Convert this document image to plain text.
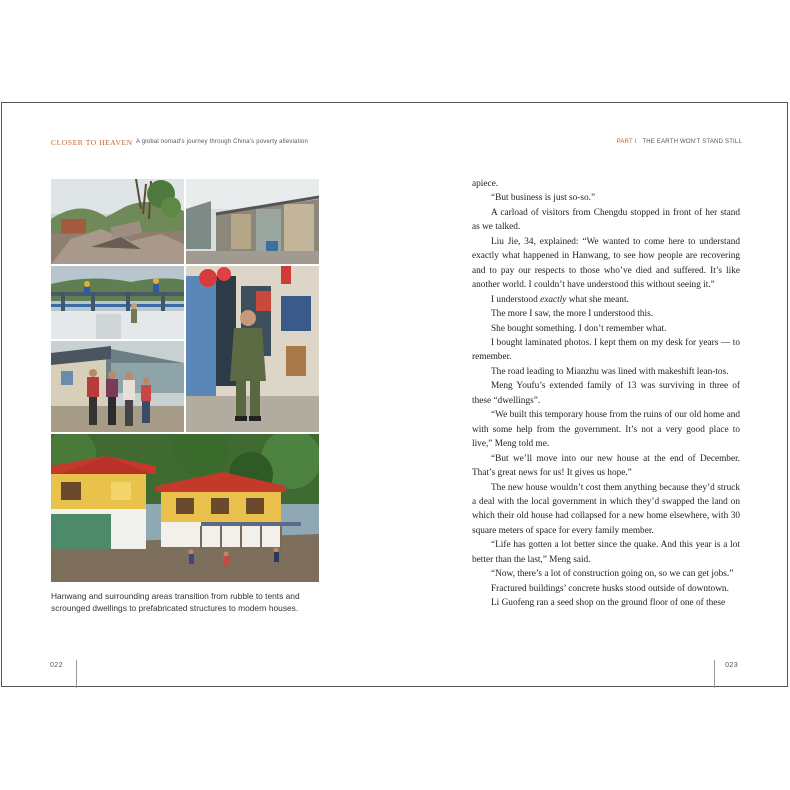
CLOSER TO HEAVEN A global nomad's journey through China's poverty alleviation
Hanwang and surrounding areas transition from rubble to tents and scrounged dwellings to prefabricated structures to modern houses.
022
PART I THE EARTH WON'T STAND STILL

apiece.

“But business is just so-so.”

A carload of visitors from Chengdu stopped in front of her stand as we talked.

Liu Jie, 34, explained: “We wanted to come here to understand exactly what happened in Hanwang, to see how people are recovering and to pay our respects to those who’ve died and suffered. It’s like another world. I couldn’t have understood this without seeing it.”

I understood exactly what she meant.

The more I saw, the more I understood this.

She bought something. I don’t remember what.

I bought laminated photos. I kept them on my desk for years — to remember.

The road leading to Mianzhu was lined with makeshift lean-tos.

Meng Youfu’s extended family of 13 was surviving in three of these “dwellings”.

“We built this temporary house from the ruins of our old home and with some help from the government. It’s not a very good place to live,” Meng told me.

“But we’ll move into our new house at the end of December. That’s great news for us! It gives us hope.”

The new house wouldn’t cost them anything because they’d struck a deal with the local government in which they’d swapped the land on which their old house had collapsed for a new home elsewhere, with 30 square meters of space for every family member.

“Life has gotten a lot better since the quake. And this year is a lot better than the last,” Meng said.

“Now, there’s a lot of construction going on, so we can get jobs.”

Fractured buildings’ concrete husks stood outside of downtown.

Li Guofeng ran a seed shop on the ground floor of one of these

023
